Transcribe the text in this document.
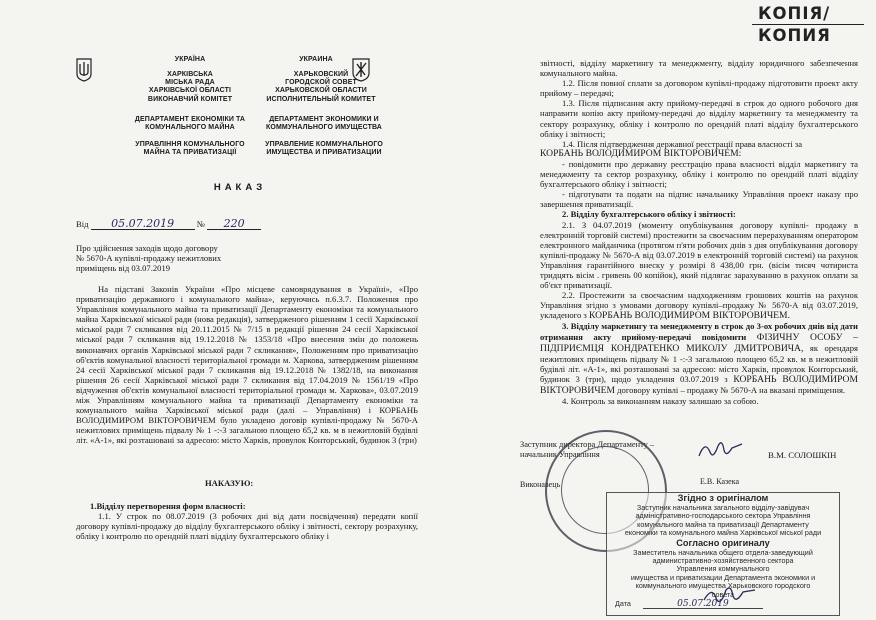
УКРАЇНА	УКРАИНА
ХАРКІВСЬКА
МІСЬКА РАДА
ХАРКІВСЬКОЇ ОБЛАСТІ
ВИКОНАВЧИЙ КОМІТЕТ
ХАРЬКОВСКИЙ
ГОРОДСКОЙ СОВЕТ
ХАРЬКОВСКОЙ ОБЛАСТИ
ИСПОЛНИТЕЛЬНЫЙ КОМИТЕТ
ДЕПАРТАМЕНТ ЕКОНОМІКИ ТА
КОМУНАЛЬНОГО МАЙНА
ДЕПАРТАМЕНТ ЭКОНОМИКИ И
КОММУНАЛЬНОГО ИМУЩЕСТВА
УПРАВЛІННЯ КОМУНАЛЬНОГО
МАЙНА ТА ПРИВАТИЗАЦІЇ
УПРАВЛЕНИЕ КОММУНАЛЬНОГО
ИМУЩЕСТВА И ПРИВАТИЗАЦИИ
НАКАЗ
Від 05.07.2019	№ 220

Про здійснення заходів щодо договору

№ 5670-А купівлі-продажу нежитлових

приміщень від 03.07.2019

На підставі Законів України «Про місцеве самоврядування в Україні», «Про приватизацію державного і комунального майна», керуючись п.6.3.7. Положення про Управління комунального майна та приватизації Департаменту економіки та комунального майна Харківської міської ради (нова редакція), затвердженого рішенням 1 сесії Харківської міської ради 7 скликання від 20.11.2015 № 7/15 в редакції рішення 24 сесії Харківської міської ради 7 скликання від 19.12.2018 № 1353/18 «Про внесення змін до положень виконавчих органів Харківської міської ради 7 скликання», Положенням про приватизацію об'єктів комунальної власності територіальної громади м. Харкова, затвердженим рішенням 24 сесії Харківської міської ради 7 скликання від 19.12.2018 № 1382/18, на виконання рішення 26 сесії Харківської міської ради 7 скликання від 17.04.2019 № 1561/19 «Про відчуження об'єктів комунальної власності територіальної громади м. Харкова», 03.07.2019 між Управлінням комунального майна та приватизації Департаменту економіки та комунального майна Харківської міської ради (далі – Управління) і КОРБАНЬ ВОЛОДИМИРОМ ВІКТОРОВИЧЕМ було укладено договір купівлі-продажу № 5670-А нежитлових приміщень підвалу № 1 -:-3 загальною площею 65,2 кв. м в нежитловій будівлі літ. «А-1», які розташовані за адресою: місто Харків, провулок Конторський, будинок 3 (три)

НАКАЗУЮ:

1.Відділу перетворення форм власності:

1.1. У строк по 08.07.2019 (3 робочих дні від дати посвідчення) передати копії договору купівлі-продажу до відділу бухгалтерського обліку і звітності, сектору розрахунку, обліку і контролю по орендній платі відділу бухгалтерського обліку і

звітності, відділу маркетингу та менеджменту, відділу юридичного забезпечення комунального майна.

1.2. Після повної сплати за договором купівлі-продажу підготовити проект акту прийому – передачі;

1.3. Після підписання акту прийому-передачі в строк до одного робочого дня направити копію акту прийому-передачі до відділу маркетингу та менеджменту та сектору розрахунку, обліку і контролю по орендній платі відділу бухгалтерського обліку і звітності;

1.4. Після підтвердження державної реєстрації права власності за

КОРБАНЬ ВОЛОДИМИРОМ ВІКТОРОВИЧЕМ:

- повідомити про державну реєстрацію права власності відділ маркетингу та менеджменту та сектор розрахунку, обліку і контролю по орендній платі відділу бухгалтерського обліку і звітності;

- підготувати та подати на підпис начальнику Управління проект наказу про завершення приватизації.

2. Відділу бухгалтерського обліку і звітності:

2.1. З 04.07.2019 (моменту опублікування договору купівлі- продажу в електронній торговій системі) простежити за своєчасним перерахуванням оператором електронного майданчика (протягом п'яти робочих днів з дня опублікування договору купівлі-продажу № 5670-А від 03.07.2019 в електронній торговій системі) на рахунок Управління гарантійного внеску у розмірі 8 438,00 грн. (вісім тисяч чотириста тридцять вісім . гривень 00 копійок), який підлягає зарахуванню в рахунок оплати за об'єкт приватизації.

2.2. Простежити за своєчасним надходженням грошових коштів на рахунок Управління згідно з умовами договору купівлі–продажу № 5670-А від 03.07.2019, укладеного з КОРБАНЬ ВОЛОДИМИРОМ ВІКТОРОВИЧЕМ.

3. Відділу маркетингу та менеджменту в строк до 3-ох робочих днів від дати отримання акту прийому-передачі повідомити ФІЗИЧНУ ОСОБУ – ПІДПРИЄМЦЯ КОНДРАТЕНКО МИКОЛУ ДМИТРОВИЧА, як орендаря нежитлових приміщень підвалу № 1 -:-3 загальною площею 65,2 кв. м в нежитловій будівлі літ. «А-1», які розташовані за адресою: місто Харків, провулок Конторський, будинок 3 (три), щодо укладення 03.07.2019 з КОРБАНЬ ВОЛОДИМИРОМ ВІКТОРОВИЧЕМ договору купівлі – продажу № 5670-А на вказані приміщення.

4. Контроль за виконанням наказу залишаю за собою.

Заступник директора Департаменту –

начальник Управління	В.М. СОЛОШКІН
Виконавець	Е.В. Казека
КОПІЯ/
КОПИЯ
Згідно з оригіналом
Заступник начальника загального відділу-завідувач
адміністративно-господарського сектора Управління
комунального майна та приватизації Департаменту
економіки та комунального майна Харківської міської ради
Согласно оригиналу
Заместитель начальника общего отдела-заведующий
административно-хозяйственного сектора
Управления коммунального
имущества и приватизации Департамента экономики и
коммунального имущества Харьковского городского
совета
Дата	05.07.2019
